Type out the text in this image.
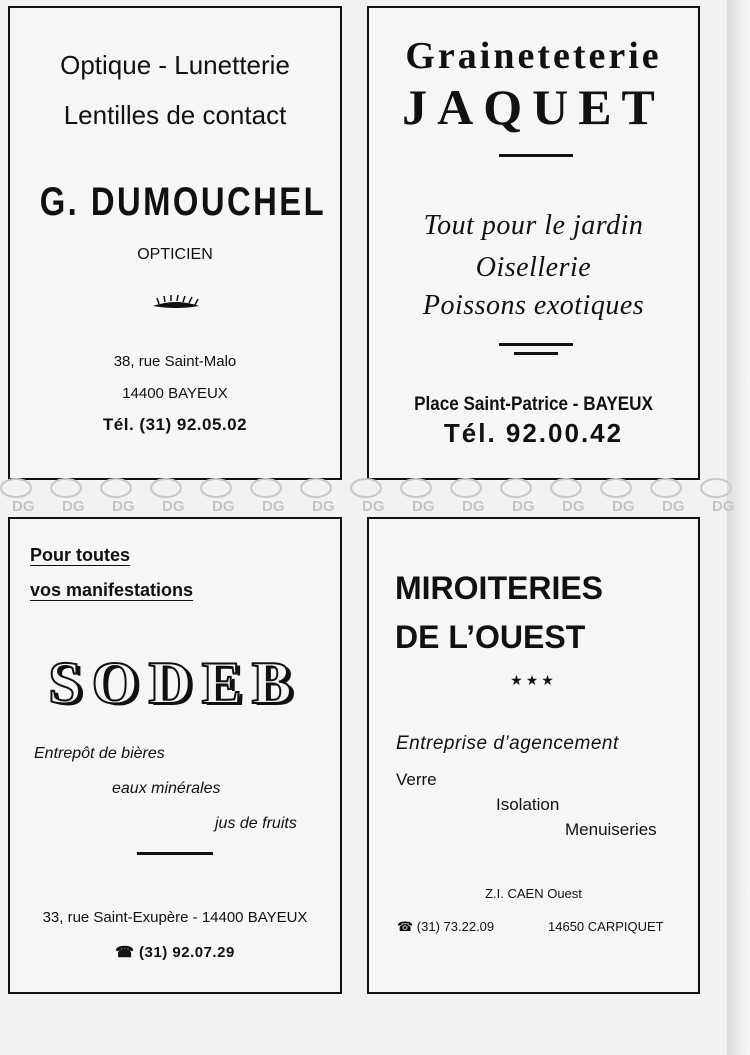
Optique - Lunetterie
Lentilles de contact
G. DUMOUCHEL
OPTICIEN
38, rue Saint-Malo
14400 BAYEUX
Tél. (31) 92.05.02
Graineteterie
JAQUET
Tout pour le jardin
Oisellerie
Poissons exotiques
Place Saint-Patrice - BAYEUX
Tél. 92.00.42
DG DG DG DG DG DG DG DG DG DG DG DG DG DG DG
Pour toutes
vos manifestations
SODEB
Entrepôt de bières
eaux minérales
jus de fruits
33, rue Saint-Exupère - 14400 BAYEUX
☎ (31) 92.07.29
MIROITERIES
DE L’OUEST
★★★
Entreprise d’agencement
Verre
Isolation
Menuiseries
Z.I. CAEN Ouest
☎ (31) 73.22.09	14650 CARPIQUET
